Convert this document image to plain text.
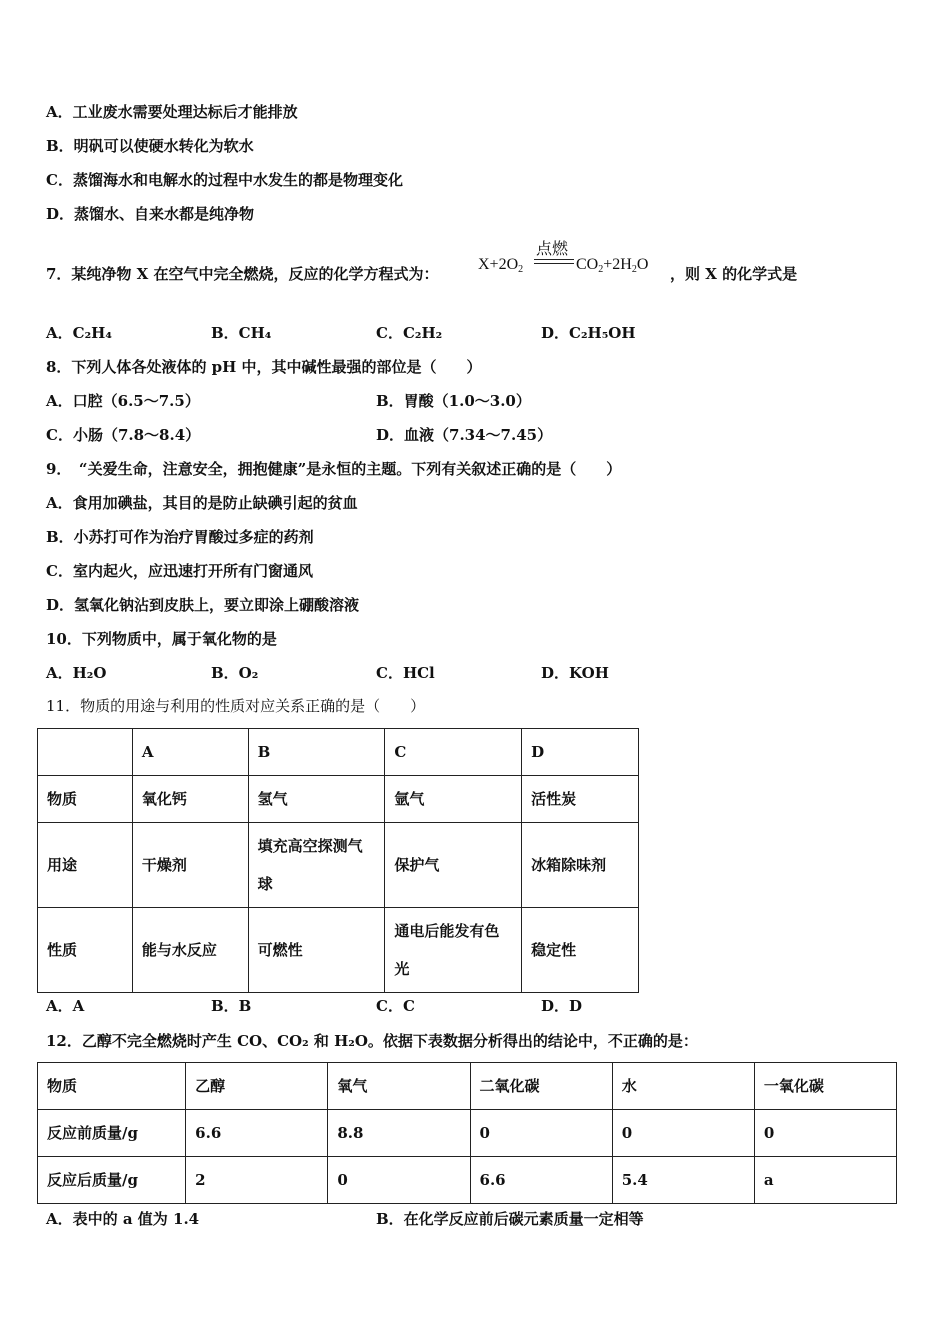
A．工业废水需要处理达标后才能排放
B．明矾可以使硬水转化为软水
C．蒸馏海水和电解水的过程中水发生的都是物理变化
D．蒸馏水、自来水都是纯净物
7．某纯净物 X 在空气中完全燃烧，反应的化学方程式为：
$X+2O_2$
点燃
$CO_2+2H_2O$
，则 X 的化学式是
A．C₂H₄	B．CH₄	C．C₂H₂	D．C₂H₅OH
8．下列人体各处液体的 pH 中，其中碱性最强的部位是（　　）
A．口腔（6.5～7.5）	B．胃酸（1.0～3.0）
C．小肠（7.8～8.4）	D．血液（7.34～7.45）
9．　“关爱生命，注意安全，拥抱健康”是永恒的主题。下列有关叙述正确的是（　　）
A．食用加碘盐，其目的是防止缺碘引起的贫血
B．小苏打可作为治疗胃酸过多症的药剂
C．室内起火，应迅速打开所有门窗通风
D．氢氧化钠沾到皮肤上，要立即涂上硼酸溶液
10．下列物质中，属于氧化物的是
A．H₂O	B．O₂	C．HCl	D．KOH
11．物质的用途与利用的性质对应关系正确的是（　　）
	A	B	C	D
物质	氧化钙	氢气	氩气	活性炭
用途	干燥剂	填充高空探测气球	保护气	冰箱除味剂
性质	能与水反应	可燃性	通电后能发有色光	稳定性
A．A	B．B	C．C	D．D
12．乙醇不完全燃烧时产生 CO、CO₂ 和 H₂O。依据下表数据分析得出的结论中，不正确的是：
物质	乙醇	氧气	二氧化碳	水	一氧化碳
反应前质量/g	6.6	8.8	0	0	0
反应后质量/g	2	0	6.6	5.4	a
A．表中的 a 值为 1.4	B．在化学反应前后碳元素质量一定相等
